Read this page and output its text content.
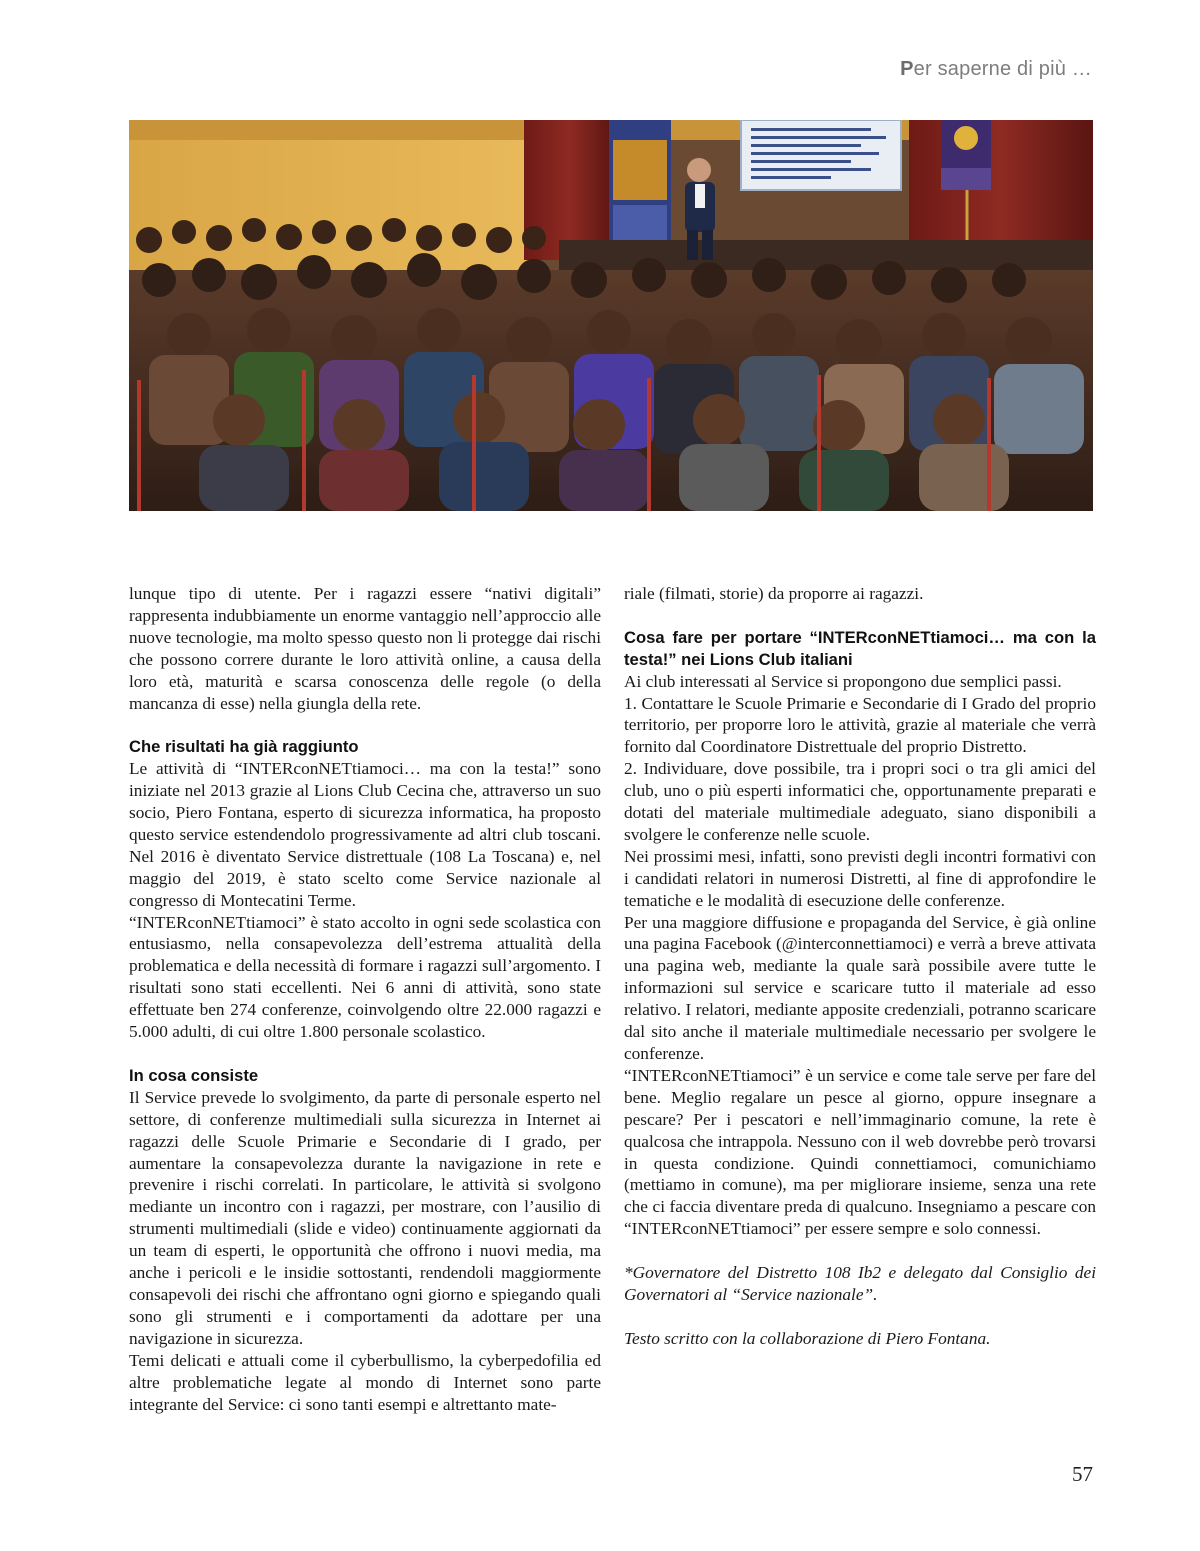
Per saperne di più …

lunque tipo di utente. Per i ragazzi essere “nativi digitali” rappresenta indubbiamente un enorme vantaggio nell’approccio alle nuove tecnologie, ma molto spesso questo non li protegge dai rischi che possono correre durante le loro attività online, a causa della loro età, maturità e scarsa conoscenza delle regole (o della mancanza di esse) nella giungla della rete.

Che risultati ha già raggiunto

Le attività di “INTERconNETtiamoci… ma con la testa!” sono iniziate nel 2013 grazie al Lions Club Cecina che, attraverso un suo socio, Piero Fontana, esperto di sicurezza informatica, ha proposto questo service estendendolo progressivamente ad altri club toscani. Nel 2016 è diventato Service distrettuale (108 La Toscana) e, nel maggio del 2019, è stato scelto come Service nazionale al congresso di Montecatini Terme.

“INTERconNETtiamoci” è stato accolto in ogni sede scolastica con entusiasmo, nella consapevolezza dell’estrema attualità della problematica e della necessità di formare i ragazzi sull’argomento. I risultati sono stati eccellenti. Nei 6 anni di attività, sono state effettuate ben 274 conferenze, coinvolgendo oltre 22.000 ragazzi e 5.000 adulti, di cui oltre 1.800 personale scolastico.

In cosa consiste

Il Service prevede lo svolgimento, da parte di personale esperto nel settore, di conferenze multimediali sulla sicurezza in Internet ai ragazzi delle Scuole Primarie e Secondarie di I grado, per aumentare la consapevolezza durante la navigazione in rete e prevenire i rischi correlati. In particolare, le attività si svolgono mediante un incontro con i ragazzi, per mostrare, con l’ausilio di strumenti multimediali (slide e video) continuamente aggiornati da un team di esperti, le opportunità che offrono i nuovi media, ma anche i pericoli e le insidie sottostanti, rendendoli maggiormente consapevoli dei rischi che affrontano ogni giorno e spiegando quali sono gli strumenti e i comportamenti da adottare per una navigazione in sicurezza.

Temi delicati e attuali come il cyberbullismo, la cyberpedofilia ed altre problematiche legate al mondo di Internet sono parte integrante del Service: ci sono tanti esempi e altrettanto mate-

riale (filmati, storie) da proporre ai ragazzi.

Cosa fare per portare “INTERconNETtiamoci… ma con la testa!” nei Lions Club italiani

Ai club interessati al Service si propongono due semplici passi.

1. Contattare le Scuole Primarie e Secondarie di I Grado del proprio territorio, per proporre loro le attività, grazie al materiale che verrà fornito dal Coordinatore Distrettuale del proprio Distretto.

2. Individuare, dove possibile, tra i propri soci o tra gli amici del club, uno o più esperti informatici che, opportunamente preparati e dotati del materiale multimediale adeguato, siano disponibili a svolgere le conferenze nelle scuole.

Nei prossimi mesi, infatti, sono previsti degli incontri formativi con i candidati relatori in numerosi Distretti, al fine di approfondire le tematiche e le modalità di esecuzione delle conferenze.

Per una maggiore diffusione e propaganda del Service, è già online una pagina Facebook (@interconnettiamoci) e verrà a breve attivata una pagina web, mediante la quale sarà possibile avere tutte le informazioni sul service e scaricare tutto il materiale ad esso relativo. I relatori, mediante apposite credenziali, potranno scaricare dal sito anche il materiale multimediale necessario per svolgere le conferenze.

“INTERconNETtiamoci” è un service e come tale serve per fare del bene. Meglio regalare un pesce al giorno, oppure insegnare a pescare? Per i pescatori e nell’immaginario comune, la rete è qualcosa che intrappola. Nessuno con il web dovrebbe però trovarsi in questa condizione. Quindi connettiamoci, comunichiamo (mettiamo in comune), ma per migliorare insieme, senza una rete che ci faccia diventare preda di qualcuno. Insegniamo a pescare con “INTERconNETtiamoci” per essere sempre e solo connessi.

*Governatore del Distretto 108 Ib2 e delegato dal Consiglio dei Governatori al “Service nazionale”.

Testo scritto con la collaborazione di Piero Fontana.

57
